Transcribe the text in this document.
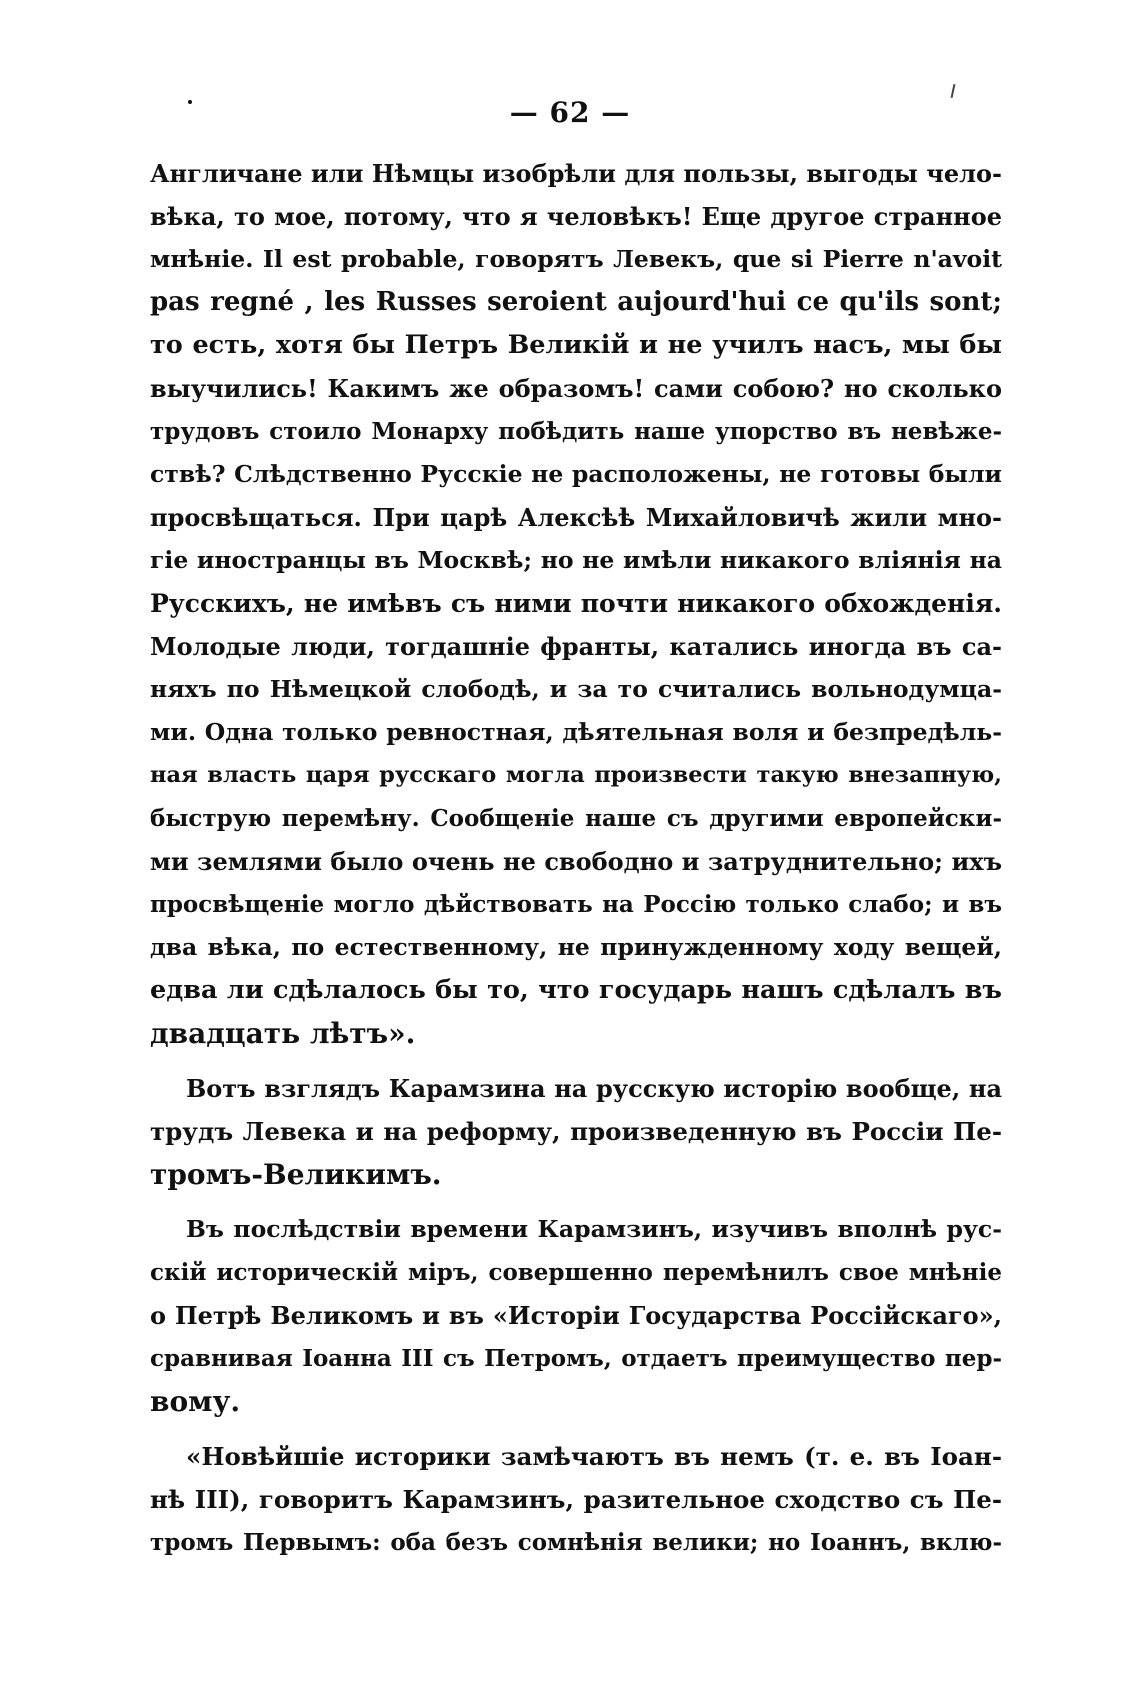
— 62 —
Англичане или Нѣмцы изобрѣли для пользы, выгоды чело-
вѣка, то мое, потому, что я человѣкъ! Еще другое странное
мнѣніе. Il est probable, говорятъ Левекъ, que si Pierre n'avoit
pas regné , les Russes seroient aujourd'hui ce qu'ils sont;
то есть, хотя бы Петръ Великій и не училъ насъ, мы бы
выучились! Какимъ же образомъ! сами собою? но сколько
трудовъ стоило Монарху побѣдить наше упорство въ невѣже-
ствѣ? Слѣдственно Русскіе не расположены, не готовы были
просвѣщаться. При царѣ Алексѣѣ Михайловичѣ жили мно-
гіе иностранцы въ Москвѣ; но не имѣли никакого вліянія на
Русскихъ, не имѣвъ съ ними почти никакого обхожденія.
Молодые люди, тогдашніе франты, катались иногда въ са-
няхъ по Нѣмецкой слободѣ, и за то считались вольнодумца-
ми. Одна только ревностная, дѣятельная воля и безпредѣль-
ная власть царя русскаго могла произвести такую внезапную,
быструю перемѣну. Сообщеніе наше съ другими европейски-
ми землями было очень не свободно и затруднительно; ихъ
просвѣщеніе могло дѣйствовать на Россію только слабо; и въ
два вѣка, по естественному, не принужденному ходу вещей,
едва ли сдѣлалось бы то, что государь нашъ сдѣлалъ въ
двадцать лѣтъ».
Вотъ взглядъ Карамзина на русскую исторію вообще, на
трудъ Левека и на реформу, произведенную въ Россіи Пе-
тромъ-Великимъ.
Въ послѣдствіи времени Карамзинъ, изучивъ вполнѣ рус-
скій историческій міръ, совершенно перемѣнилъ свое мнѣніе
о Петрѣ Великомъ и въ «Исторіи Государства Россійскаго»,
сравнивая Іоанна III съ Петромъ, отдаетъ преимущество пер-
вому.
«Новѣйшіе историки замѣчаютъ въ немъ (т. е. въ Іоан-
нѣ III), говоритъ Карамзинъ, разительное сходство съ Пе-
тромъ Первымъ: оба безъ сомнѣнія велики; но Іоаннъ, вклю-
